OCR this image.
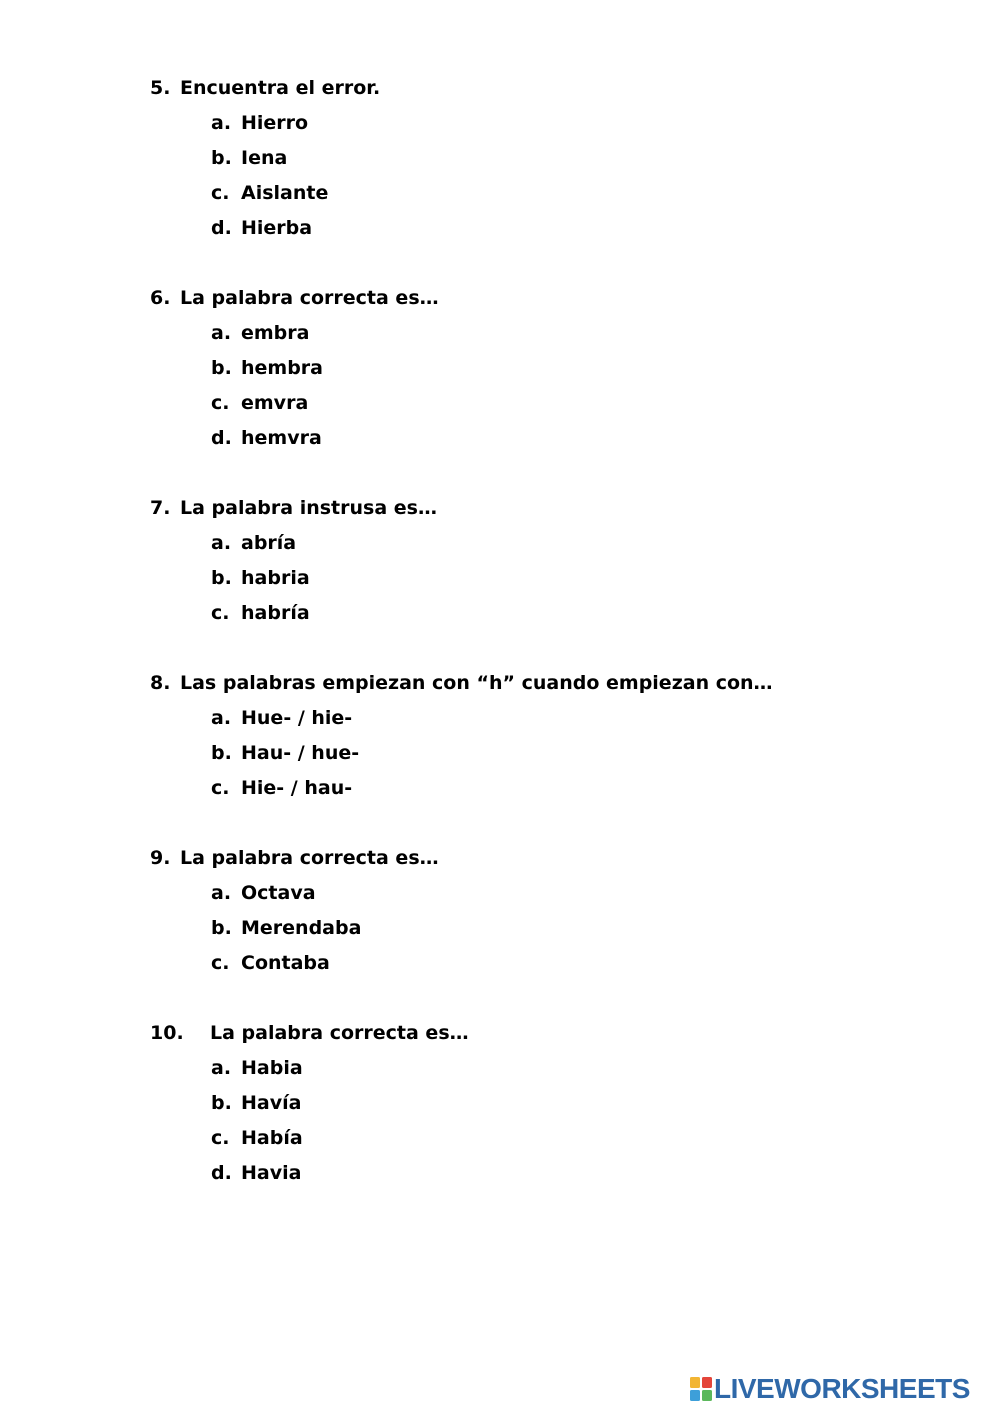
5. Encuentra el error.
a. Hierro
b. Iena
c. Aislante
d. Hierba
6. La palabra correcta es…
a. embra
b. hembra
c. emvra
d. hemvra
7. La palabra instrusa es…
a. abría
b. habria
c. habría
8. Las palabras empiezan con “h” cuando empiezan con…
a. Hue- / hie-
b. Hau- / hue-
c. Hie- / hau-
9. La palabra correcta es…
a. Octava
b. Merendaba
c. Contaba
10. La palabra correcta es…
a. Habia
b. Havía
c. Había
d. Havia
LIVEWORKSHEETS
